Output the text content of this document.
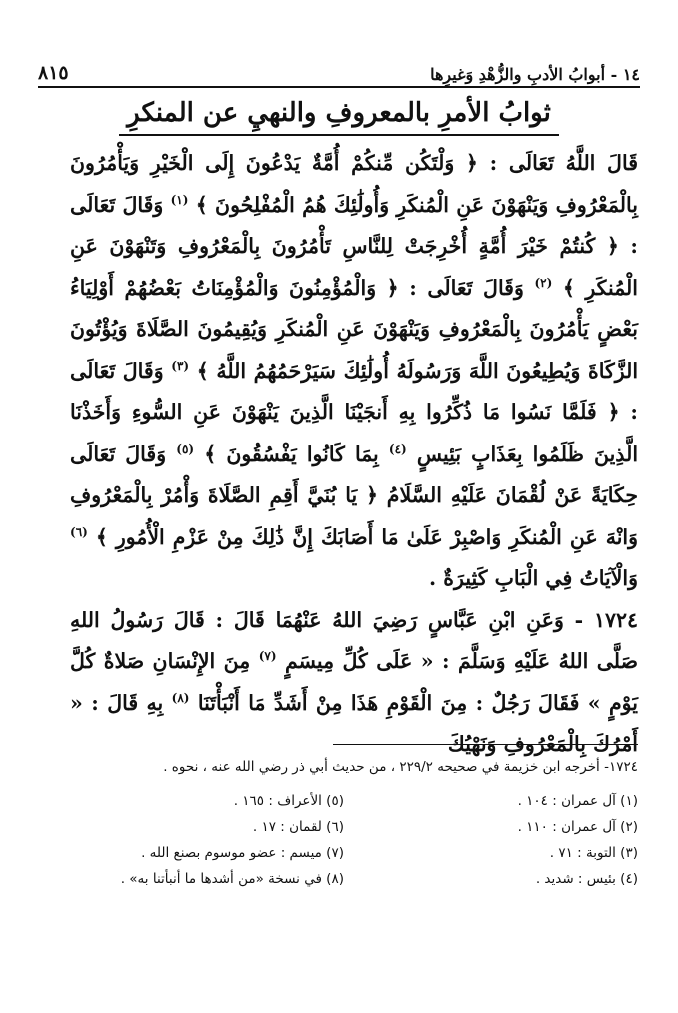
١٤ - أبوابُ الأدبِ والزُّهْدِ وَغيرِها
٨١٥
ثوابُ الأمرِ بالمعروفِ والنهيِ عن المنكرِ

قَالَ اللَّهُ تَعَالَى : ﴿ وَلْتَكُن مِّنكُمْ أُمَّةٌ يَدْعُونَ إِلَى الْخَيْرِ وَيَأْمُرُونَ بِالْمَعْرُوفِ وَيَنْهَوْنَ عَنِ الْمُنكَرِ وَأُولَٰئِكَ هُمُ الْمُفْلِحُونَ ﴾ $^{(١)}$ وَقَالَ تَعَالَى : ﴿ كُنتُمْ خَيْرَ أُمَّةٍ أُخْرِجَتْ لِلنَّاسِ تَأْمُرُونَ بِالْمَعْرُوفِ وَتَنْهَوْنَ عَنِ الْمُنكَرِ ﴾ $^{(٢)}$ وَقَالَ تَعَالَى : ﴿ وَالْمُؤْمِنُونَ وَالْمُؤْمِنَاتُ بَعْضُهُمْ أَوْلِيَاءُ بَعْضٍ يَأْمُرُونَ بِالْمَعْرُوفِ وَيَنْهَوْنَ عَنِ الْمُنكَرِ وَيُقِيمُونَ الصَّلَاةَ وَيُؤْتُونَ الزَّكَاةَ وَيُطِيعُونَ اللَّهَ وَرَسُولَهُ أُولَٰئِكَ سَيَرْحَمُهُمُ اللَّهُ ﴾ $^{(٣)}$ وَقَالَ تَعَالَى : ﴿ فَلَمَّا نَسُوا مَا ذُكِّرُوا بِهِ أَنجَيْنَا الَّذِينَ يَنْهَوْنَ عَنِ السُّوءِ وَأَخَذْنَا الَّذِينَ ظَلَمُوا بِعَذَابٍ بَئِيسٍ $^{(٤)}$ بِمَا كَانُوا يَفْسُقُونَ ﴾ $^{(٥)}$ وَقَالَ تَعَالَى حِكَايَةً عَنْ لُقْمَانَ عَلَيْهِ السَّلَامُ ﴿ يَا بُنَيَّ أَقِمِ الصَّلَاةَ وَأْمُرْ بِالْمَعْرُوفِ وَانْهَ عَنِ الْمُنكَرِ وَاصْبِرْ عَلَىٰ مَا أَصَابَكَ إِنَّ ذَٰلِكَ مِنْ عَزْمِ الْأُمُورِ ﴾ $^{(٦)}$ وَالْآيَاتُ فِي الْبَابِ كَثِيرَةٌ .

١٧٢٤ - وَعَنِ ابْنِ عَبَّاسٍ رَضِيَ اللهُ عَنْهُمَا قَالَ : قَالَ رَسُولُ اللهِ صَلَّى اللهُ عَلَيْهِ وَسَلَّمَ : « عَلَى كُلِّ مِيسَمٍ $^{(٧)}$ مِنَ الإِنْسَانِ صَلاةٌ كُلَّ يَوْمٍ » فَقَالَ رَجُلٌ : مِنَ الْقَوْمِ هَذَا مِنْ أَشَدِّ مَا أَنْبَأْتَنَا $^{(٨)}$ بِهِ قَالَ : « أَمْرُكَ بِالْمَعْرُوفِ وَنَهْيُكَ

١٧٢٤- أخرجه ابن خزيمة في صحيحه ٢٢٩/٢ ، من حديث أبي ذر رضي الله عنه ، نحوه .
(١) آل عمران : ١٠٤ .
(٥) الأعراف : ١٦٥ .
(٢) آل عمران : ١١٠ .
(٦) لقمان : ١٧ .
(٣) التوبة : ٧١ .
(٧) ميسم : عضو موسوم بصنع الله .
(٤) بئيس : شديد .
(٨) في نسخة «من أشدها ما أنبأتنا به» .
